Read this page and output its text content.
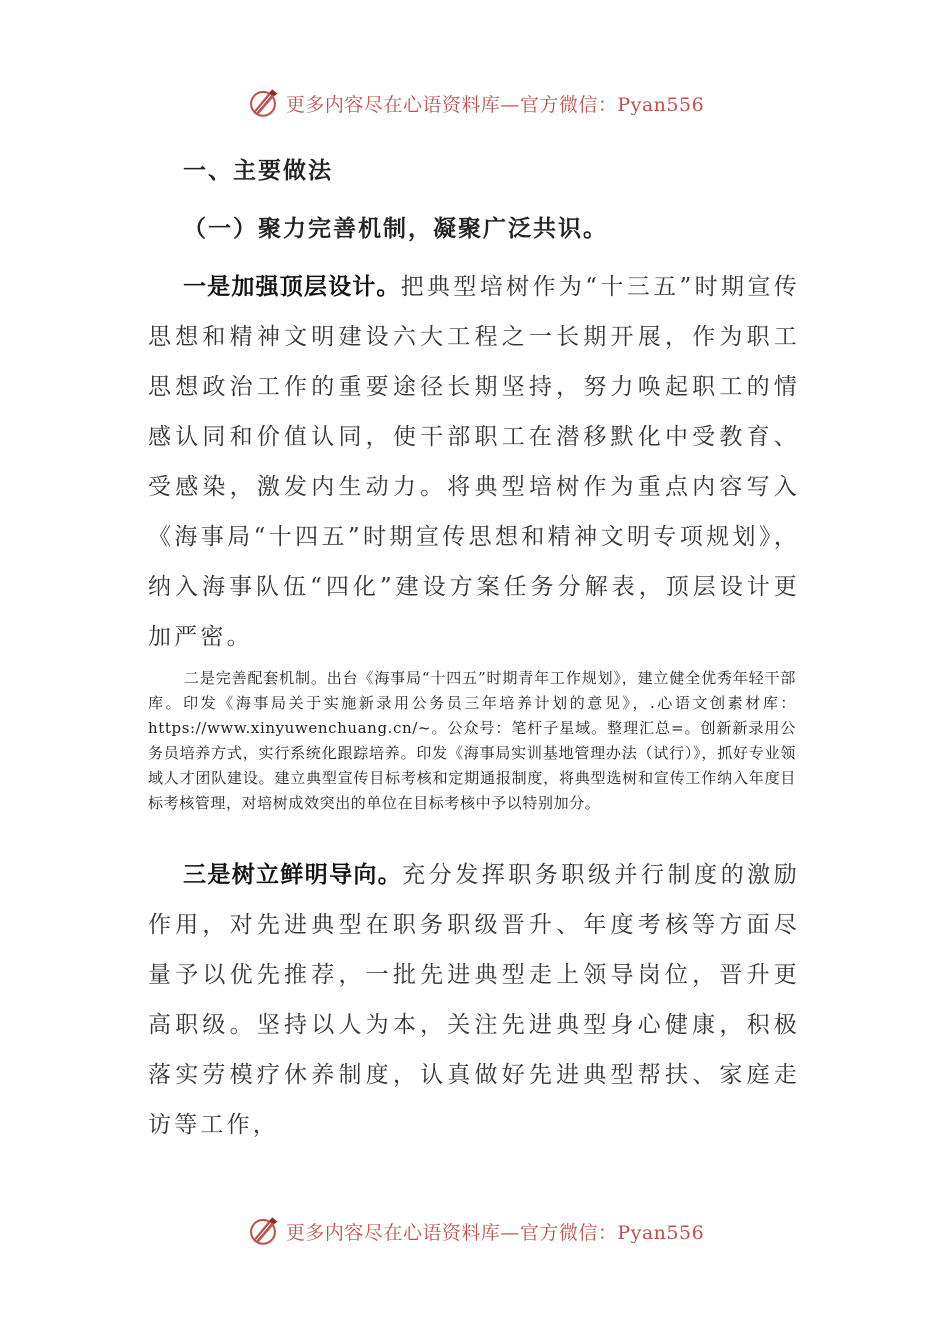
更多内容尽在心语资料库—官方微信：Pyan556
一、主要做法
（一）聚力完善机制，凝聚广泛共识。
一是加强顶层设计。把典型培树作为“十三五”时期宣传思想和精神文明建设六大工程之一长期开展，作为职工思想政治工作的重要途径长期坚持，努力唤起职工的情感认同和价值认同，使干部职工在潜移默化中受教育、受感染，激发内生动力。将典型培树作为重点内容写入《海事局“十四五”时期宣传思想和精神文明专项规划》，纳入海事队伍“四化”建设方案任务分解表，顶层设计更加严密。
二是完善配套机制。出台《海事局“十四五”时期青年工作规划》，建立健全优秀年轻干部库。印发《海事局关于实施新录用公务员三年培养计划的意见》，.心语文创素材库：https://www.xinyuwenchuang.cn/~。公众号：笔杆子星域。整理汇总=。创新新录用公务员培养方式，实行系统化跟踪培养。印发《海事局实训基地管理办法（试行）》，抓好专业领域人才团队建设。建立典型宣传目标考核和定期通报制度，将典型选树和宣传工作纳入年度目标考核管理，对培树成效突出的单位在目标考核中予以特别加分。
三是树立鲜明导向。充分发挥职务职级并行制度的激励作用，对先进典型在职务职级晋升、年度考核等方面尽量予以优先推荐，一批先进典型走上领导岗位，晋升更高职级。坚持以人为本，关注先进典型身心健康，积极落实劳模疗休养制度，认真做好先进典型帮扶、家庭走访等工作，
更多内容尽在心语资料库—官方微信：Pyan556
